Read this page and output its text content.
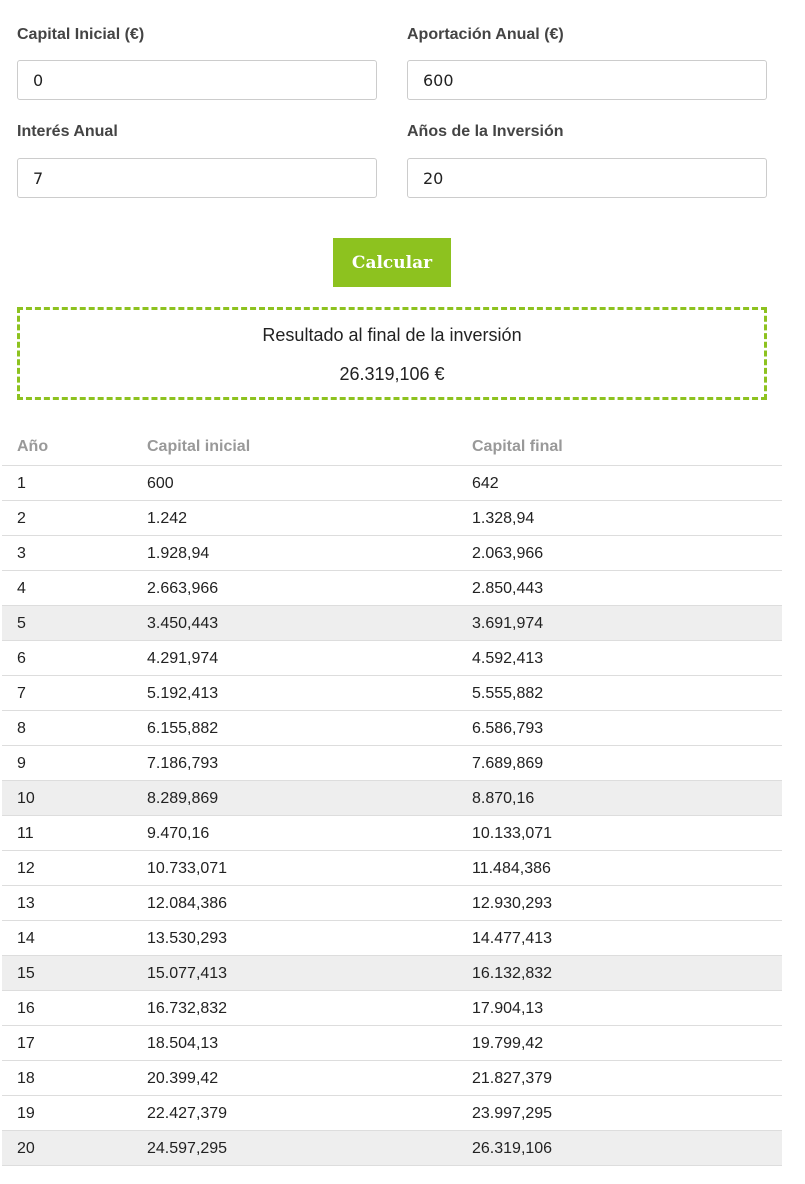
Capital Inicial (€)
0	Aportación Anual (€)
600
Interés Anual
7	Años de la Inversión
20
Calcular
Resultado al final de la inversión
26.319,106 €
Año	Capital inicial	Capital final
1	600	642
2	1.242	1.328,94
3	1.928,94	2.063,966
4	2.663,966	2.850,443
5	3.450,443	3.691,974
6	4.291,974	4.592,413
7	5.192,413	5.555,882
8	6.155,882	6.586,793
9	7.186,793	7.689,869
10	8.289,869	8.870,16
11	9.470,16	10.133,071
12	10.733,071	11.484,386
13	12.084,386	12.930,293
14	13.530,293	14.477,413
15	15.077,413	16.132,832
16	16.732,832	17.904,13
17	18.504,13	19.799,42
18	20.399,42	21.827,379
19	22.427,379	23.997,295
20	24.597,295	26.319,106
